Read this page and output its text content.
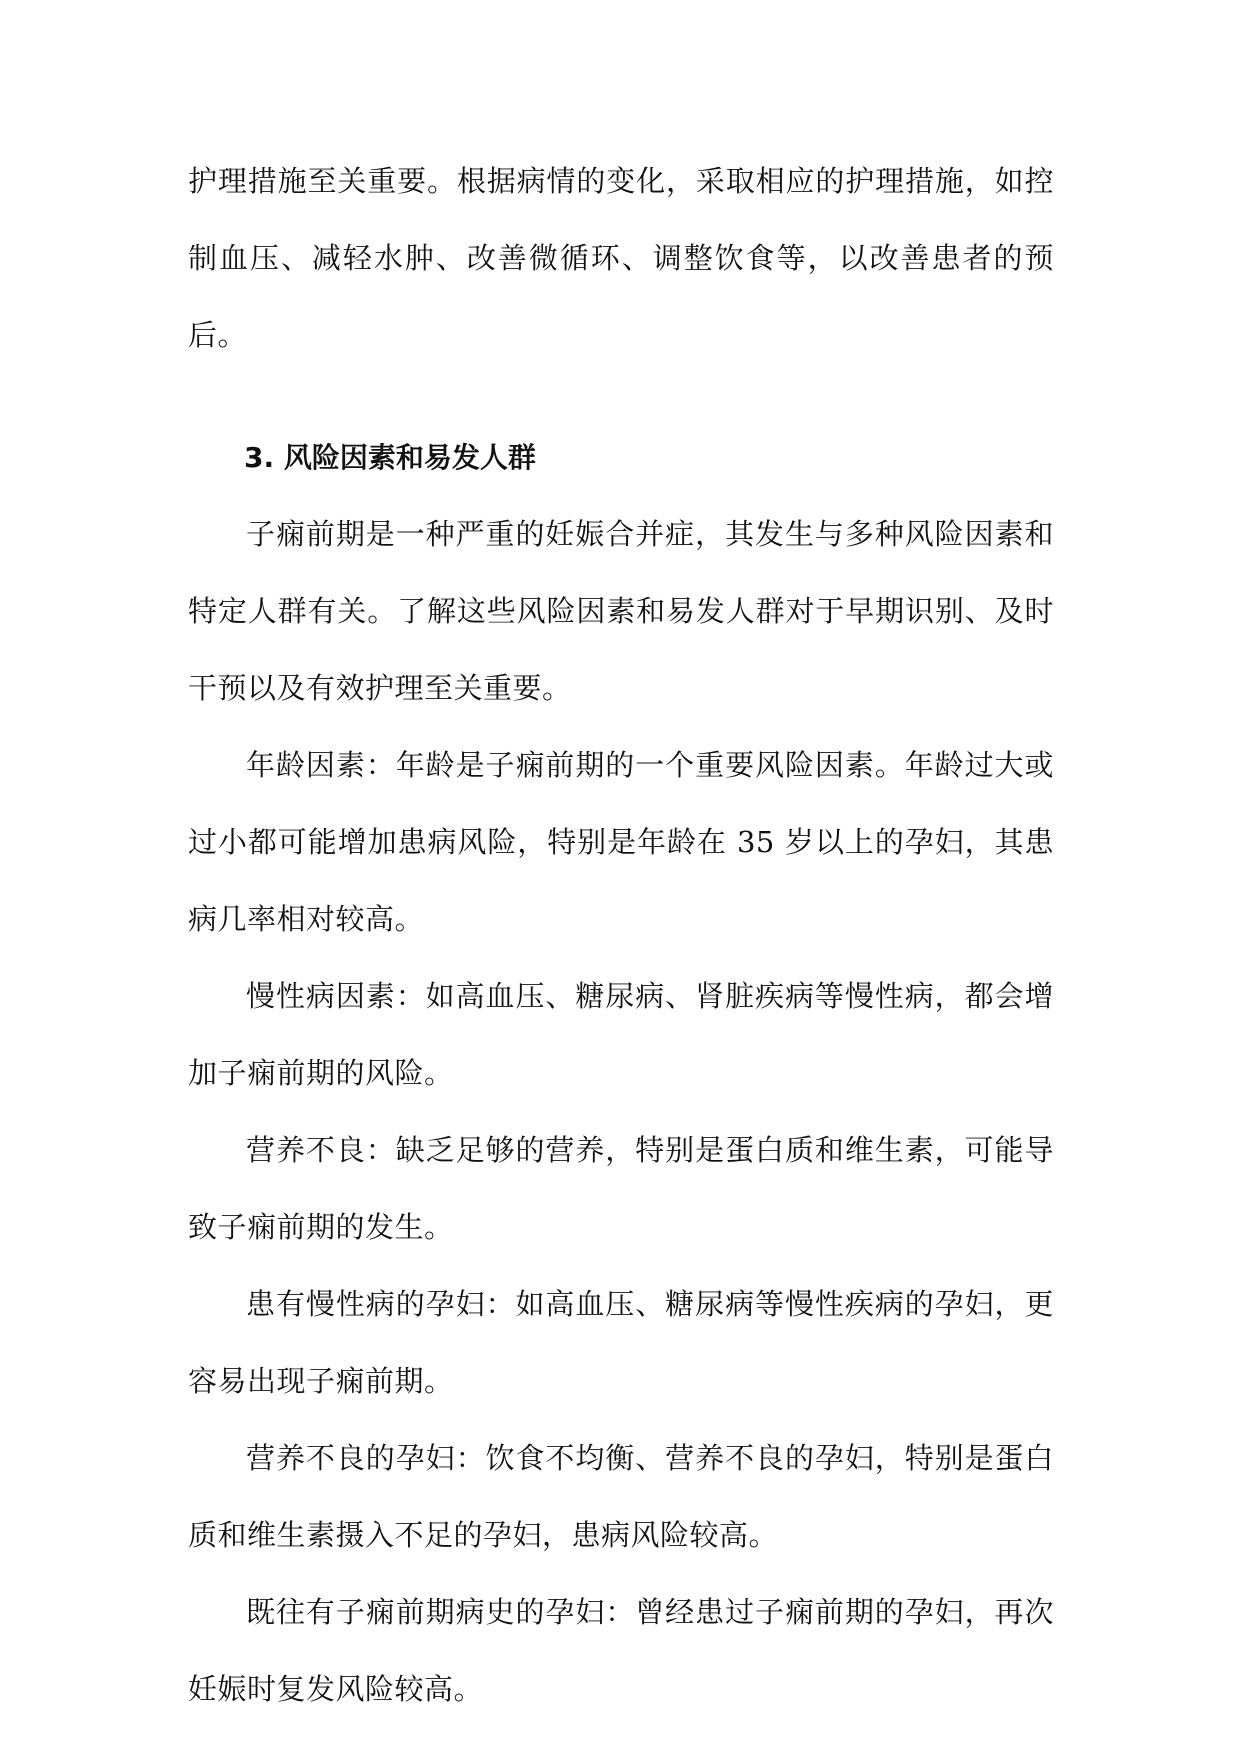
护理措施至关重要。根据病情的变化，采取相应的护理措施，如控制血压、减轻水肿、改善微循环、调整饮食等，以改善患者的预后。

3. 风险因素和易发人群

子痫前期是一种严重的妊娠合并症，其发生与多种风险因素和特定人群有关。了解这些风险因素和易发人群对于早期识别、及时干预以及有效护理至关重要。

年龄因素：年龄是子痫前期的一个重要风险因素。年龄过大或过小都可能增加患病风险，特别是年龄在 35 岁以上的孕妇，其患病几率相对较高。

慢性病因素：如高血压、糖尿病、肾脏疾病等慢性病，都会增加子痫前期的风险。

营养不良：缺乏足够的营养，特别是蛋白质和维生素，可能导致子痫前期的发生。

患有慢性病的孕妇：如高血压、糖尿病等慢性疾病的孕妇，更容易出现子痫前期。

营养不良的孕妇：饮食不均衡、营养不良的孕妇，特别是蛋白质和维生素摄入不足的孕妇，患病风险较高。

既往有子痫前期病史的孕妇：曾经患过子痫前期的孕妇，再次妊娠时复发风险较高。
